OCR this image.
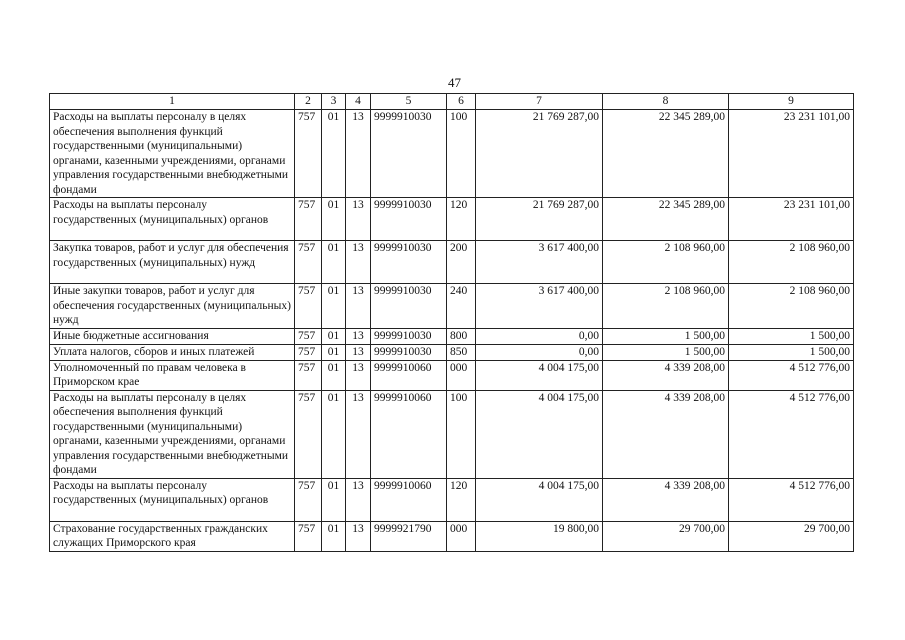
47
1	2	3	4	5	6	7	8	9
Расходы на выплаты персоналу в целях обеспечения выполнения функций государственными (муниципальными) органами, казенными учреждениями, органами управления государственными внебюджетными фондами	757	01	13	9999910030	100	21 769 287,00	22 345 289,00	23 231 101,00
Расходы на выплаты персоналу государственных (муниципальных) органов	757	01	13	9999910030	120	21 769 287,00	22 345 289,00	23 231 101,00
Закупка товаров, работ и услуг для обеспечения государственных (муниципальных) нужд	757	01	13	9999910030	200	3 617 400,00	2 108 960,00	2 108 960,00
Иные закупки товаров, работ и услуг для обеспечения государственных (муниципальных) нужд	757	01	13	9999910030	240	3 617 400,00	2 108 960,00	2 108 960,00
Иные бюджетные ассигнования	757	01	13	9999910030	800	0,00	1 500,00	1 500,00
Уплата налогов, сборов и иных платежей	757	01	13	9999910030	850	0,00	1 500,00	1 500,00
Уполномоченный по правам человека в Приморском крае	757	01	13	9999910060	000	4 004 175,00	4 339 208,00	4 512 776,00
Расходы на выплаты персоналу в целях обеспечения выполнения функций государственными (муниципальными) органами, казенными учреждениями, органами управления государственными внебюджетными фондами	757	01	13	9999910060	100	4 004 175,00	4 339 208,00	4 512 776,00
Расходы на выплаты персоналу государственных (муниципальных) органов	757	01	13	9999910060	120	4 004 175,00	4 339 208,00	4 512 776,00
Страхование государственных гражданских служащих Приморского края	757	01	13	9999921790	000	19 800,00	29 700,00	29 700,00
